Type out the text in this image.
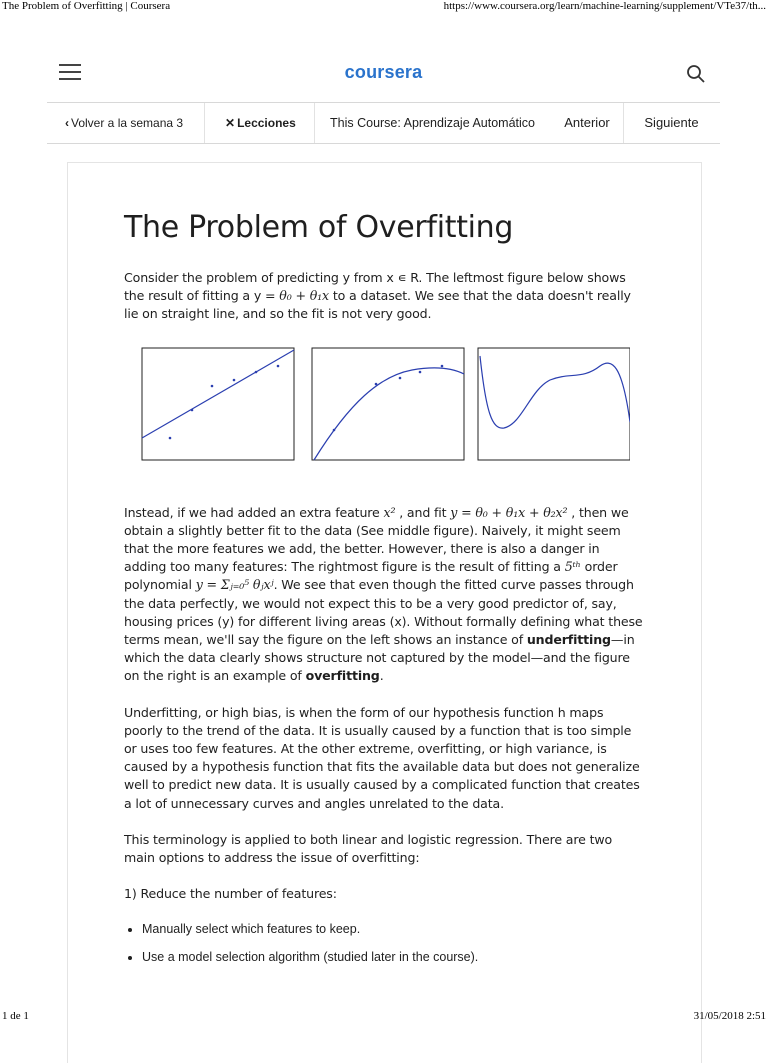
The Problem of Overfitting | Coursera	https://www.coursera.org/learn/machine-learning/supplement/VTe37/th...
coursera
‹ Volver a la semana 3	✕ Lecciones	This Course: Aprendizaje Automático	Anterior	Siguiente
The Problem of Overfitting

Consider the problem of predicting y from x ∊ R. The leftmost figure below shows the result of fitting a y = θ₀ + θ₁x to a dataset. We see that the data doesn't really lie on straight line, and so the fit is not very good.

Instead, if we had added an extra feature x² , and fit y = θ₀ + θ₁x + θ₂x² , then we obtain a slightly better fit to the data (See middle figure). Naively, it might seem that the more features we add, the better. However, there is also a danger in adding too many features: The rightmost figure is the result of fitting a 5ᵗʰ order polynomial y = Σⱼ₌₀⁵ θⱼxʲ. We see that even though the fitted curve passes through the data perfectly, we would not expect this to be a very good predictor of, say, housing prices (y) for different living areas (x). Without formally defining what these terms mean, we'll say the figure on the left shows an instance of underfitting—in which the data clearly shows structure not captured by the model—and the figure on the right is an example of overfitting.

Underfitting, or high bias, is when the form of our hypothesis function h maps poorly to the trend of the data. It is usually caused by a function that is too simple or uses too few features. At the other extreme, overfitting, or high variance, is caused by a hypothesis function that fits the available data but does not generalize well to predict new data. It is usually caused by a complicated function that creates a lot of unnecessary curves and angles unrelated to the data.

This terminology is applied to both linear and logistic regression. There are two main options to address the issue of overfitting:

1) Reduce the number of features:

• Manually select which features to keep.
• Use a model selection algorithm (studied later in the course).
1 de 1	31/05/2018 2:51
